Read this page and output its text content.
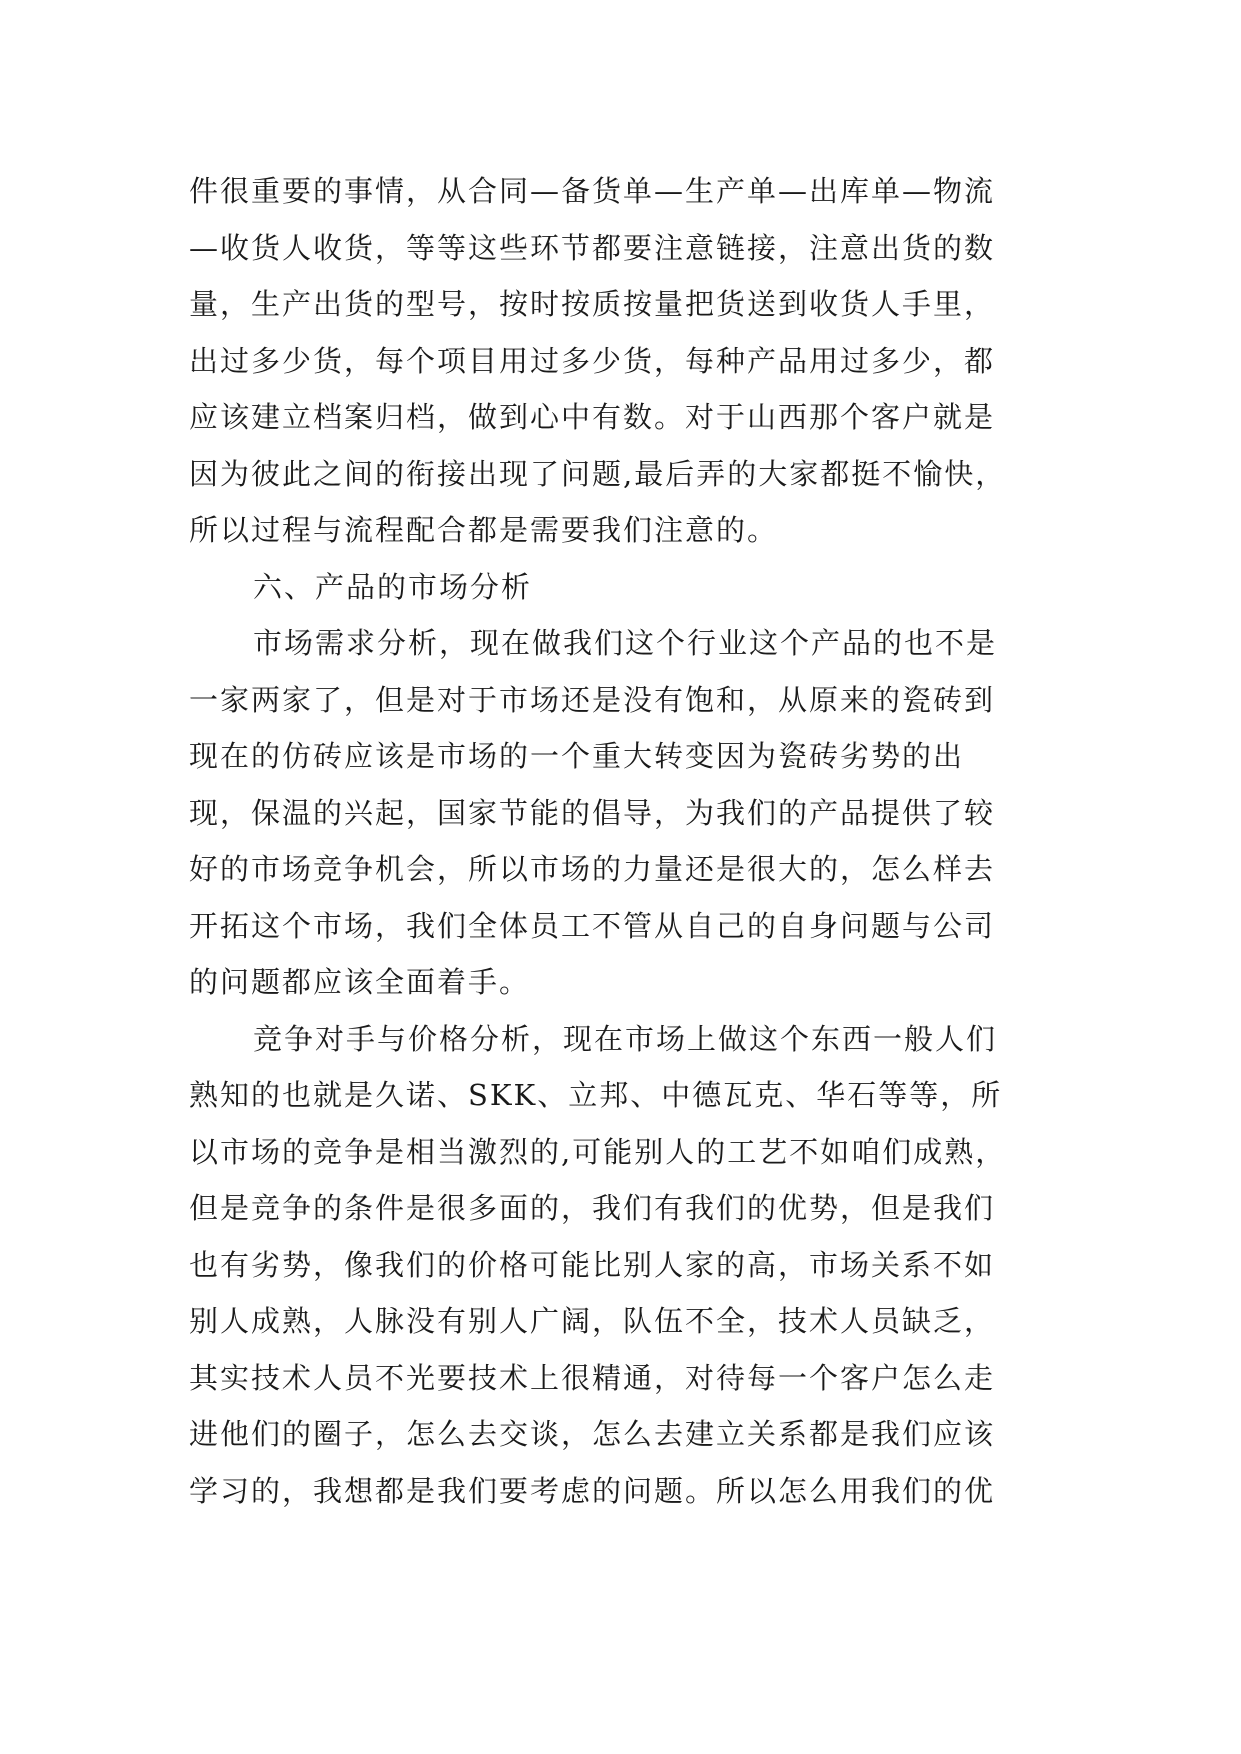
件很重要的事情，从合同—备货单—生产单—出库单—物流
—收货人收货，等等这些环节都要注意链接，注意出货的数
量，生产出货的型号，按时按质按量把货送到收货人手里，
出过多少货，每个项目用过多少货，每种产品用过多少，都
应该建立档案归档，做到心中有数。对于山西那个客户就是
因为彼此之间的衔接出现了问题,最后弄的大家都挺不愉快，
所以过程与流程配合都是需要我们注意的。
六、产品的市场分析
市场需求分析，现在做我们这个行业这个产品的也不是
一家两家了，但是对于市场还是没有饱和，从原来的瓷砖到
现在的仿砖应该是市场的一个重大转变因为瓷砖劣势的出
现，保温的兴起，国家节能的倡导，为我们的产品提供了较
好的市场竞争机会，所以市场的力量还是很大的，怎么样去
开拓这个市场，我们全体员工不管从自己的自身问题与公司
的问题都应该全面着手。
竞争对手与价格分析，现在市场上做这个东西一般人们
熟知的也就是久诺、SKK、立邦、中德瓦克、华石等等，所
以市场的竞争是相当激烈的,可能别人的工艺不如咱们成熟，
但是竞争的条件是很多面的，我们有我们的优势，但是我们
也有劣势，像我们的价格可能比别人家的高，市场关系不如
别人成熟，人脉没有别人广阔，队伍不全，技术人员缺乏，
其实技术人员不光要技术上很精通，对待每一个客户怎么走
进他们的圈子，怎么去交谈，怎么去建立关系都是我们应该
学习的，我想都是我们要考虑的问题。所以怎么用我们的优
